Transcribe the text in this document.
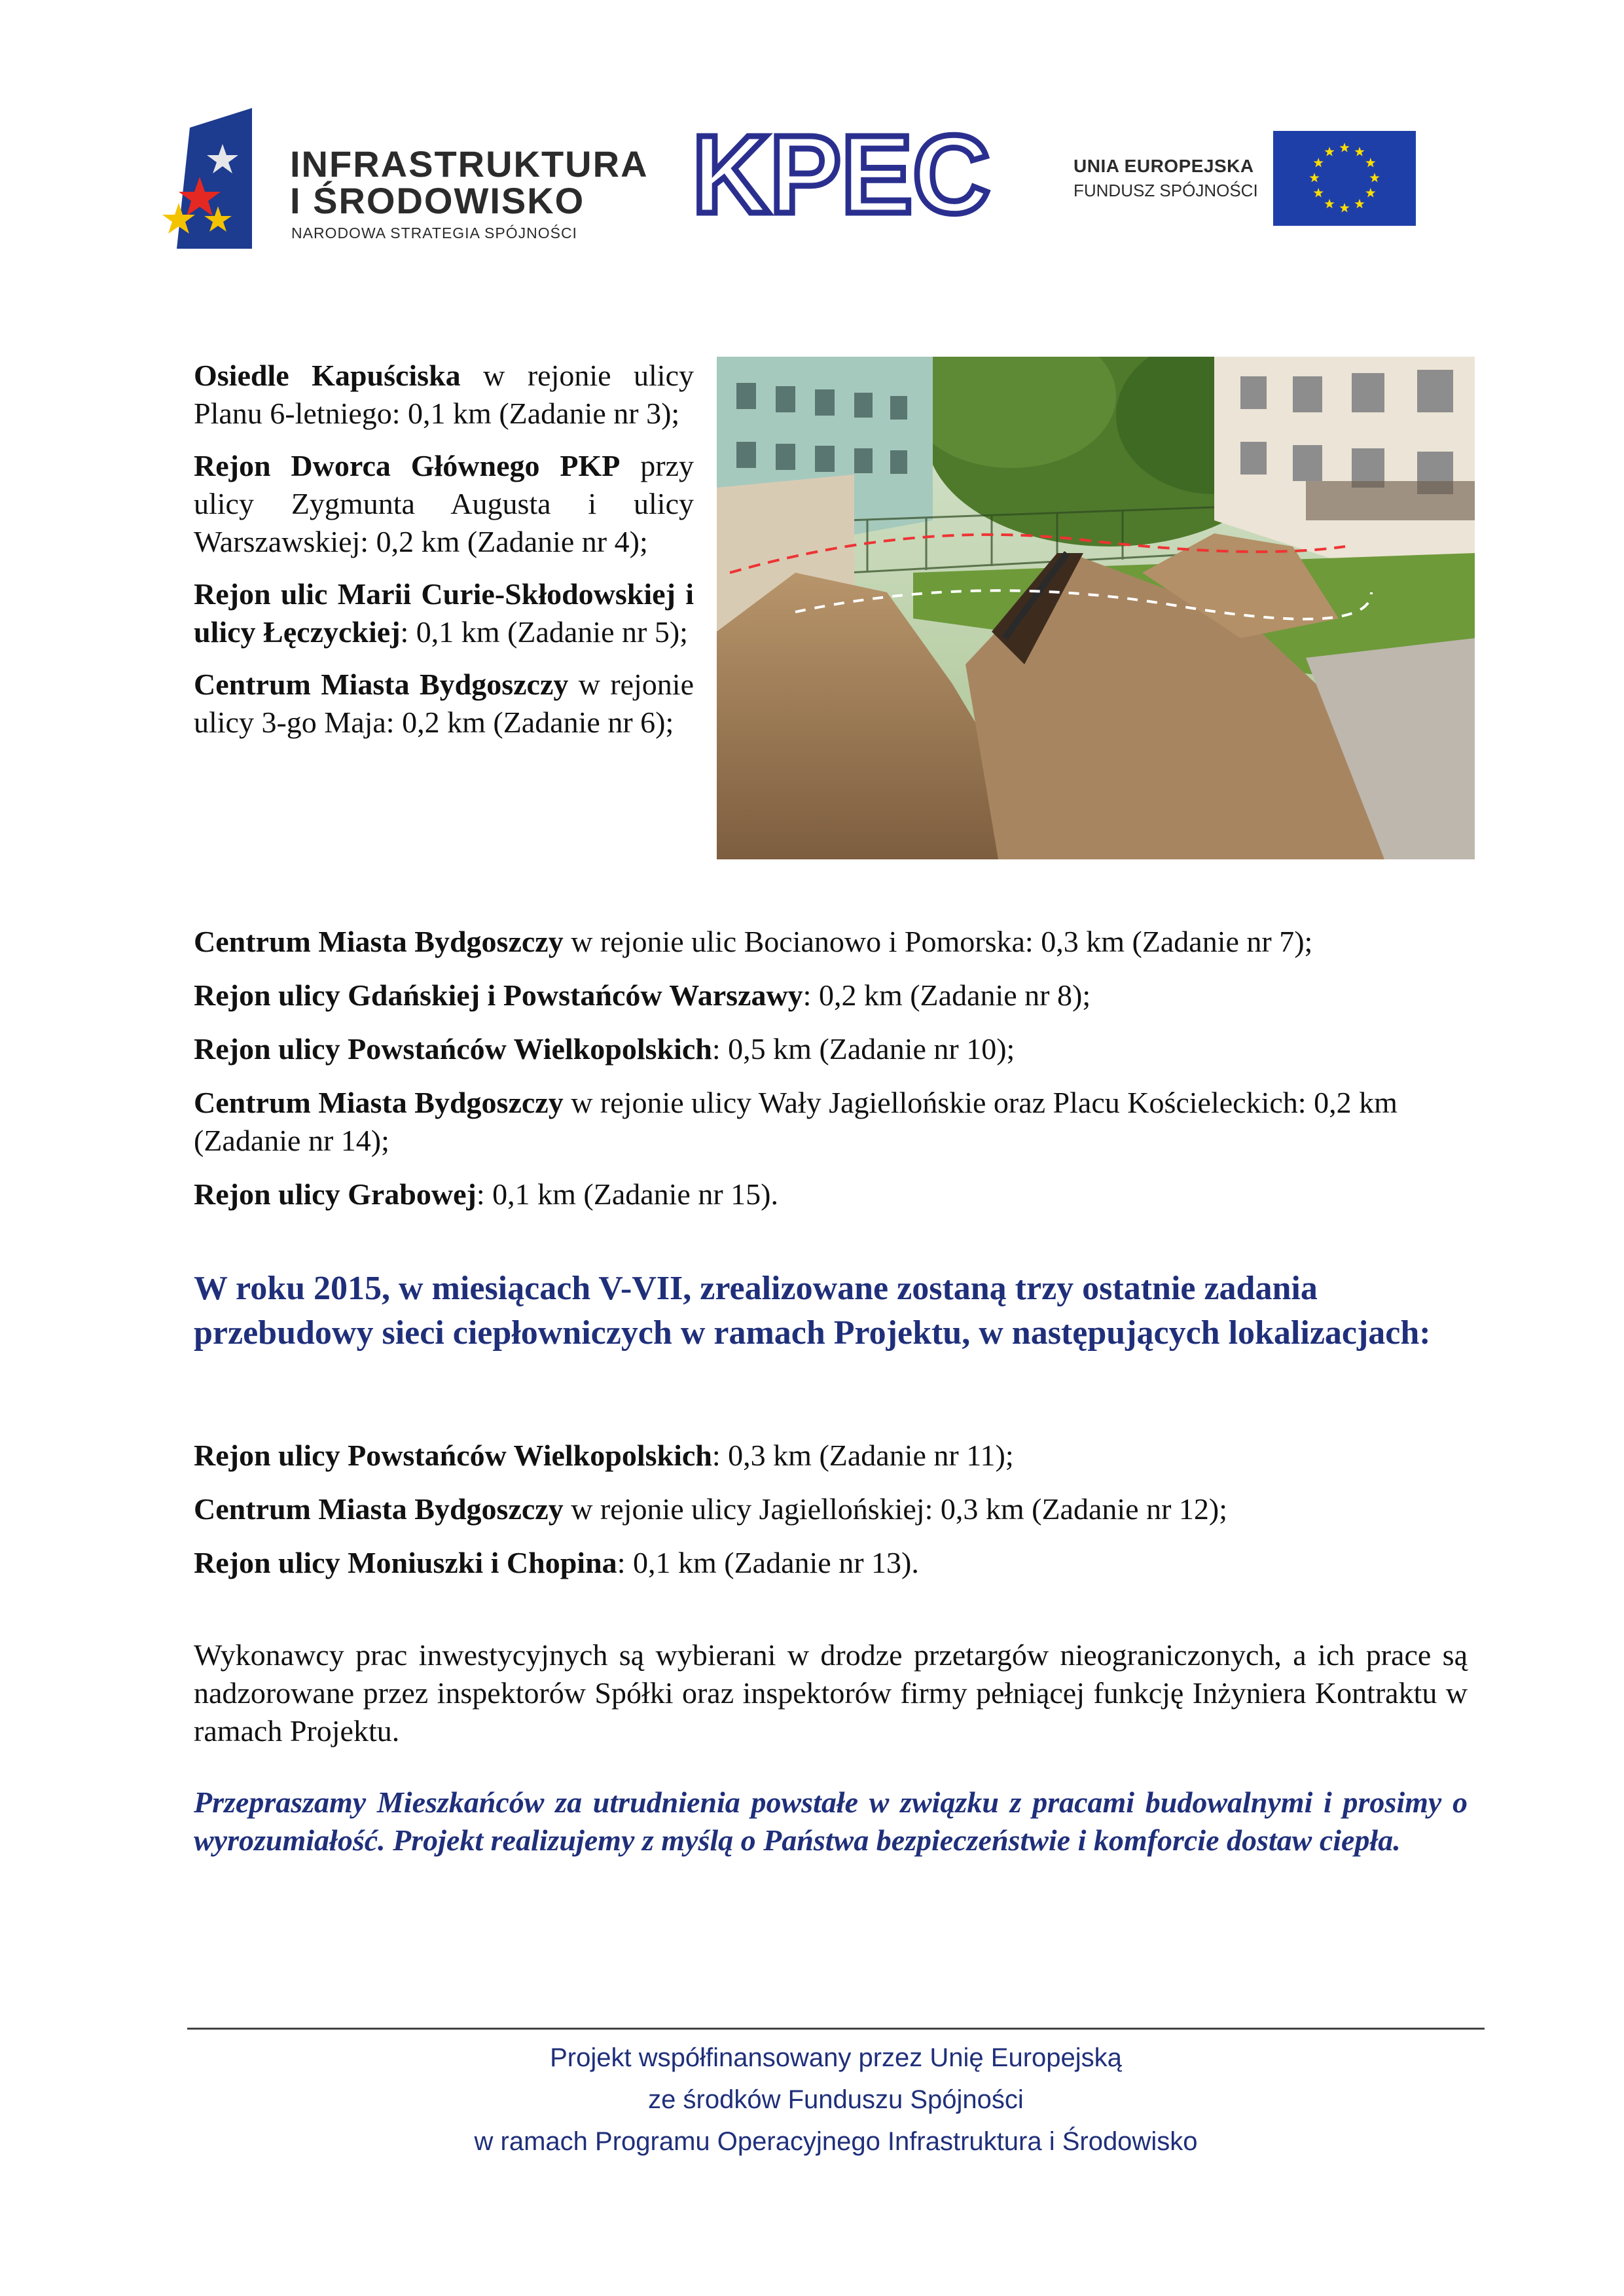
INFRASTRUKTURA
I ŚRODOWISKO
NARODOWA STRATEGIA SPÓJNOŚCI KPEC	UNIA EUROPEJSKA
FUNDUSZ SPÓJNOŚCI

Osiedle Kapuściska w rejonie ulicy Planu 6-letniego: 0,1 km (Zadanie nr 3);

Rejon Dworca Głównego PKP przy ulicy Zygmunta Augusta i ulicy Warszawskiej: 0,2 km (Zadanie nr 4);

Rejon ulic Marii Curie-Skłodowskiej i ulicy Łęczyckiej: 0,1 km (Zadanie nr 5);

Centrum Miasta Bydgoszczy w rejonie ulicy 3-go Maja: 0,2 km (Zadanie nr 6);

Centrum Miasta Bydgoszczy w rejonie ulic Bocianowo i Pomorska: 0,3 km (Zadanie nr 7);

Rejon ulicy Gdańskiej i Powstańców Warszawy: 0,2 km (Zadanie nr 8);

Rejon ulicy Powstańców Wielkopolskich: 0,5 km (Zadanie nr 10);

Centrum Miasta Bydgoszczy w rejonie ulicy Wały Jagiellońskie oraz Placu Kościeleckich: 0,2 km (Zadanie nr 14);

Rejon ulicy Grabowej: 0,1 km (Zadanie nr 15).

W roku 2015, w miesiącach V-VII, zrealizowane zostaną trzy ostatnie zadania przebudowy sieci ciepłowniczych w ramach Projektu, w następujących lokalizacjach:

Rejon ulicy Powstańców Wielkopolskich: 0,3 km (Zadanie nr 11);

Centrum Miasta Bydgoszczy w rejonie ulicy Jagiellońskiej: 0,3 km (Zadanie nr 12);

Rejon ulicy Moniuszki i Chopina: 0,1 km (Zadanie nr 13).

Wykonawcy prac inwestycyjnych są wybierani w drodze przetargów nieograniczonych, a ich prace są nadzorowane przez inspektorów Spółki oraz inspektorów firmy pełniącej funkcję Inżyniera Kontraktu w ramach Projektu.

Przepraszamy Mieszkańców za utrudnienia powstałe w związku z pracami budowalnymi i prosimy o wyrozumiałość. Projekt realizujemy z myślą o Państwa bezpieczeństwie i komforcie dostaw ciepła.

Projekt współfinansowany przez Unię Europejską
ze środków Funduszu Spójności
w ramach Programu Operacyjnego Infrastruktura i Środowisko
